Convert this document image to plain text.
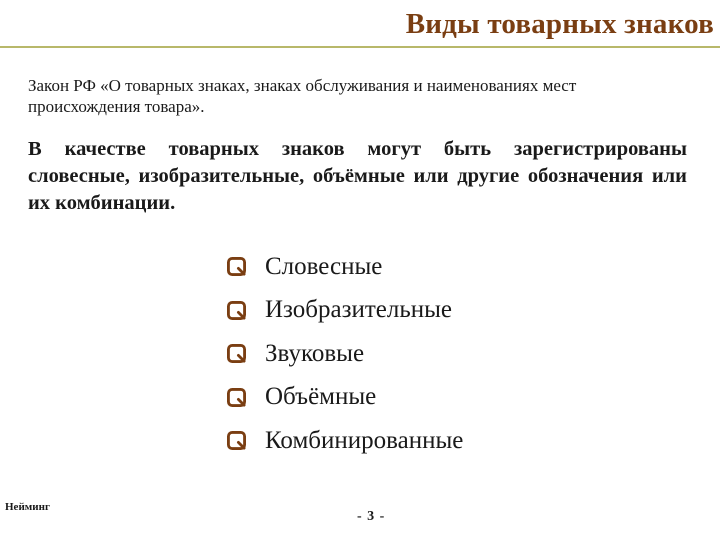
Виды товарных знаков
Закон РФ «О товарных знаках, знаках обслуживания и наименованиях мест происхождения товара».
В качестве товарных знаков могут быть зарегистрированы словесные, изобразительные, объёмные или другие обозначения или их комбинации.
Словесные
Изобразительные
Звуковые
Объёмные
Комбинированные
Нейминг
- 3 -
